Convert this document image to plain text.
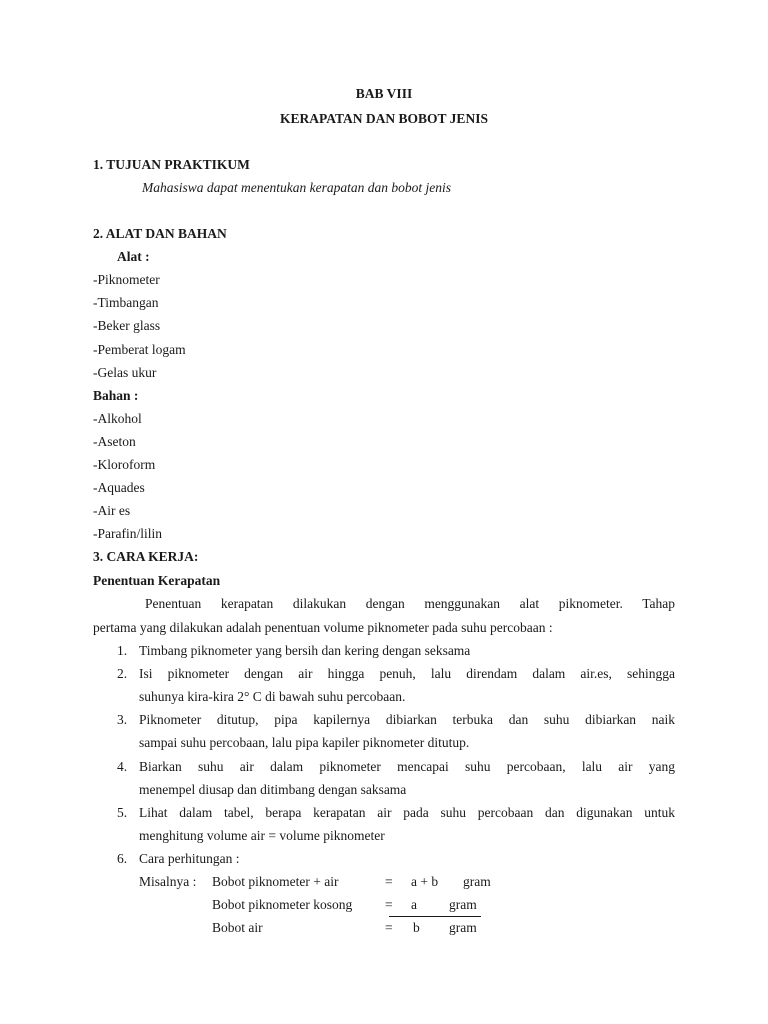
BAB VIII
KERAPATAN DAN BOBOT JENIS
1. TUJUAN PRAKTIKUM
Mahasiswa dapat menentukan kerapatan dan bobot jenis
2. ALAT DAN BAHAN
Alat :
-Piknometer
-Timbangan
-Beker glass
-Pemberat logam
-Gelas ukur
Bahan :
-Alkohol
-Aseton
-Kloroform
-Aquades
-Air es
-Parafin/lilin
3. CARA KERJA:
Penentuan Kerapatan
Penentuan kerapatan dilakukan dengan menggunakan alat piknometer. Tahap
pertama yang dilakukan adalah penentuan volume piknometer pada suhu percobaan :
1. Timbang piknometer yang bersih dan kering dengan seksama
2. Isi piknometer dengan air hingga penuh, lalu direndam dalam air.es, sehingga
suhunya kira-kira 2° C di bawah suhu percobaan.
3. Piknometer ditutup, pipa kapilernya dibiarkan terbuka dan suhu dibiarkan naik
sampai suhu percobaan, lalu pipa kapiler piknometer ditutup.
4. Biarkan suhu air dalam piknometer mencapai suhu percobaan, lalu air yang
menempel diusap dan ditimbang dengan saksama
5. Lihat dalam tabel, berapa kerapatan air pada suhu percobaan dan digunakan untuk
menghitung volume air = volume piknometer
6. Cara perhitungan :
Misalnya : Bobot piknometer + air	= a + b gram
Bobot piknometer kosong = a gram
Bobot air	= b gram
